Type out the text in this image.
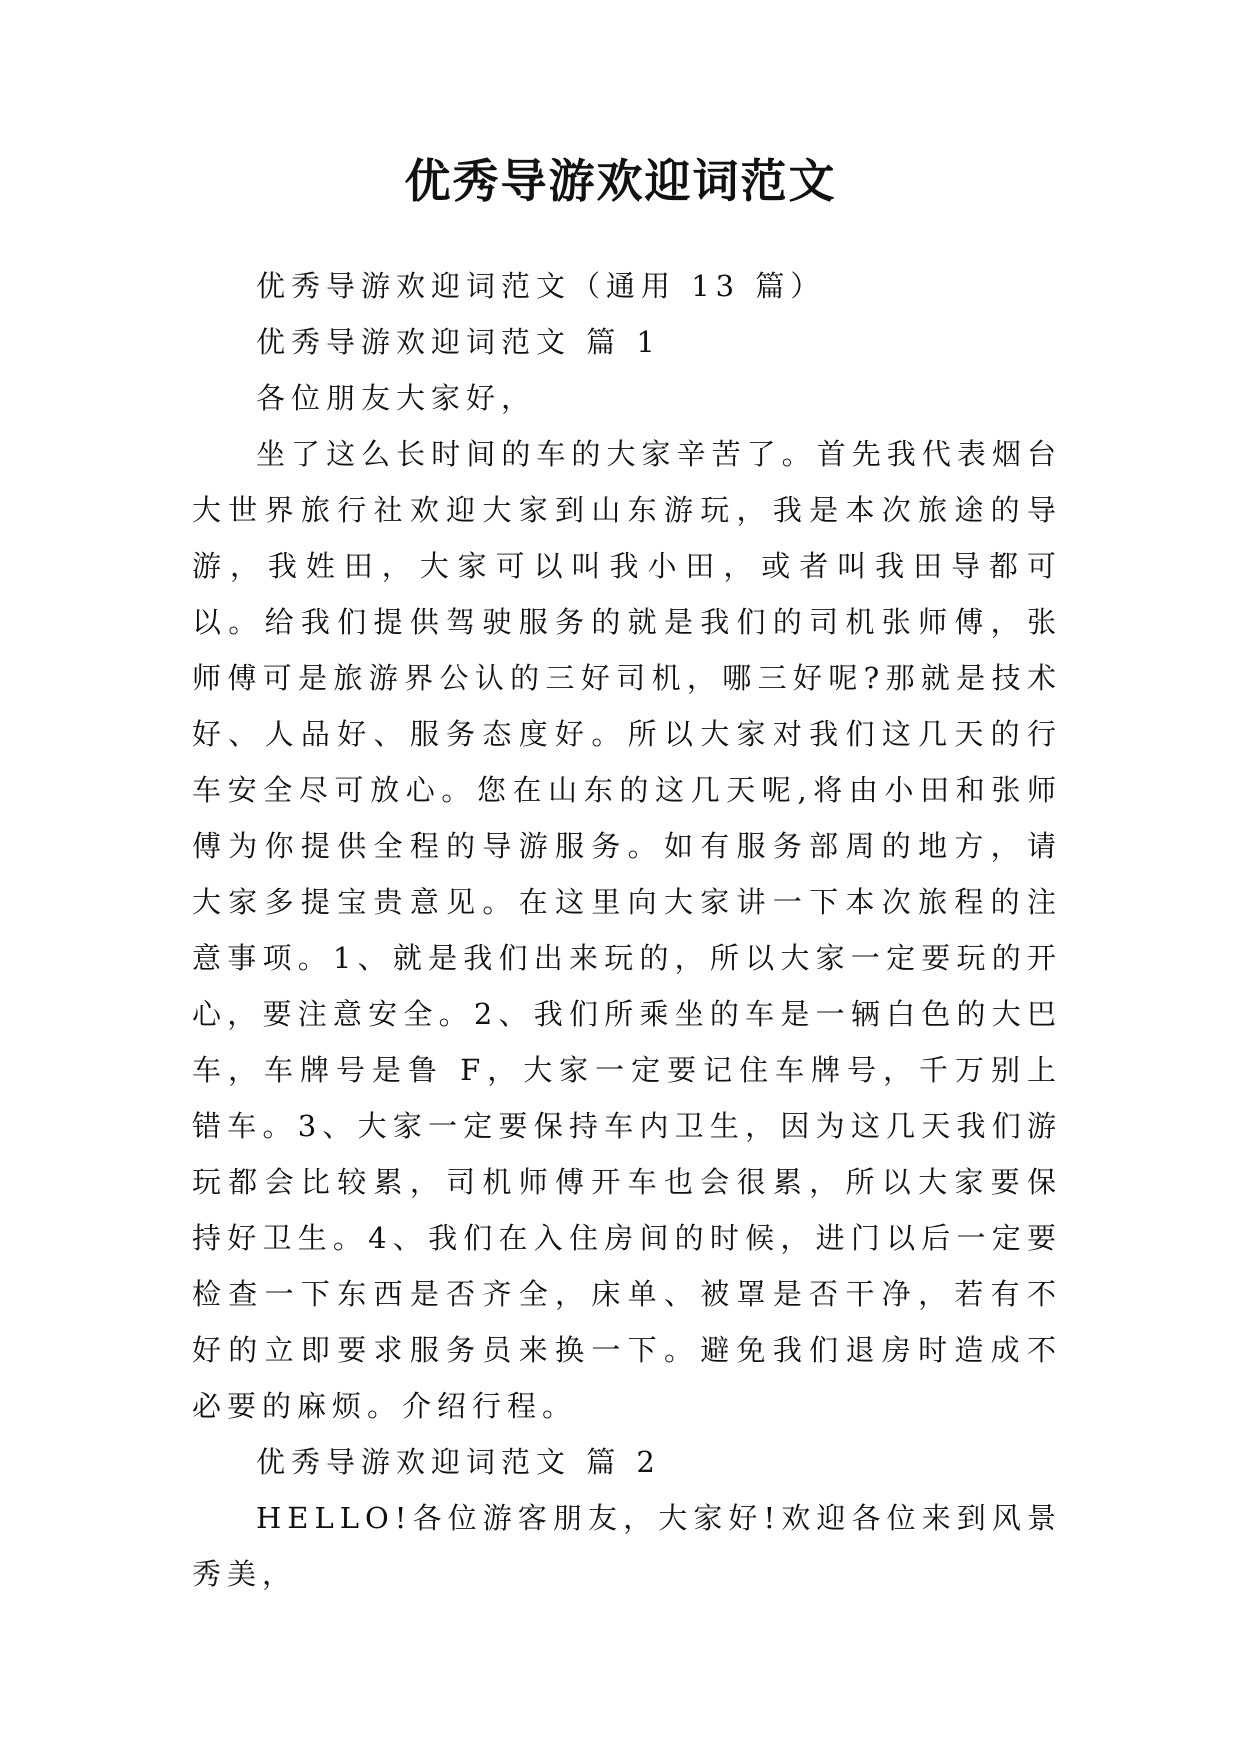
优秀导游欢迎词范文

优秀导游欢迎词范文（通用 13 篇）

优秀导游欢迎词范文 篇 1

各位朋友大家好，

坐了这么长时间的车的大家辛苦了。首先我代表烟台大世界旅行社欢迎大家到山东游玩，我是本次旅途的导游，我姓田，大家可以叫我小田，或者叫我田导都可以。给我们提供驾驶服务的就是我们的司机张师傅，张师傅可是旅游界公认的三好司机，哪三好呢?那就是技术好、人品好、服务态度好。所以大家对我们这几天的行车安全尽可放心。您在山东的这几天呢,将由小田和张师傅为你提供全程的导游服务。如有服务部周的地方，请大家多提宝贵意见。在这里向大家讲一下本次旅程的注意事项。1、就是我们出来玩的，所以大家一定要玩的开心，要注意安全。2、我们所乘坐的车是一辆白色的大巴车，车牌号是鲁 F，大家一定要记住车牌号，千万别上错车。3、大家一定要保持车内卫生，因为这几天我们游玩都会比较累，司机师傅开车也会很累，所以大家要保持好卫生。4、我们在入住房间的时候，进门以后一定要检查一下东西是否齐全，床单、被罩是否干净，若有不好的立即要求服务员来换一下。避免我们退房时造成不必要的麻烦。介绍行程。

优秀导游欢迎词范文 篇 2

HELLO!各位游客朋友，大家好!欢迎各位来到风景秀美，
